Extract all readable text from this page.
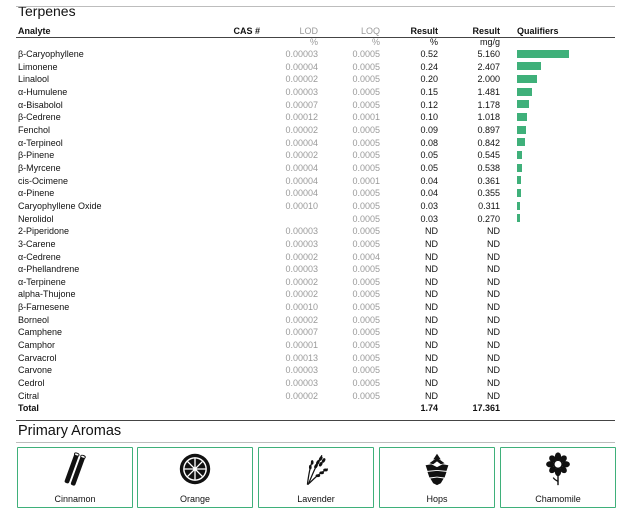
Terpenes
Analyte	CAS #	LOD	LOQ	Result	Result	Qualifiers
		%	%	%	mg/g	
β-Caryophyllene		0.00003	0.0005	0.52	5.160	
Limonene		0.00004	0.0005	0.24	2.407	
Linalool		0.00002	0.0005	0.20	2.000	
α-Humulene		0.00003	0.0005	0.15	1.481	
α-Bisabolol		0.00007	0.0005	0.12	1.178	
β-Cedrene		0.00012	0.0001	0.10	1.018	
Fenchol		0.00002	0.0005	0.09	0.897	
α-Terpineol		0.00004	0.0005	0.08	0.842	
β-Pinene		0.00002	0.0005	0.05	0.545	
β-Myrcene		0.00004	0.0005	0.05	0.538	
cis-Ocimene		0.00004	0.0001	0.04	0.361	
α-Pinene		0.00004	0.0005	0.04	0.355	
Caryophyllene Oxide		0.00010	0.0005	0.03	0.311	
Nerolidol			0.0005	0.03	0.270	
2-Piperidone		0.00003	0.0005	ND	ND	
3-Carene		0.00003	0.0005	ND	ND	
α-Cedrene		0.00002	0.0004	ND	ND	
α-Phellandrene		0.00003	0.0005	ND	ND	
α-Terpinene		0.00002	0.0005	ND	ND	
alpha-Thujone		0.00002	0.0005	ND	ND	
β-Farnesene		0.00010	0.0005	ND	ND	
Borneol		0.00002	0.0005	ND	ND	
Camphene		0.00007	0.0005	ND	ND	
Camphor		0.00001	0.0005	ND	ND	
Carvacrol		0.00013	0.0005	ND	ND	
Carvone		0.00003	0.0005	ND	ND	
Cedrol		0.00003	0.0005	ND	ND	
Citral		0.00002	0.0005	ND	ND	
Total				1.74	17.361	
Primary Aromas
Cinnamon	Orange	Lavender	Hops	Chamomile
